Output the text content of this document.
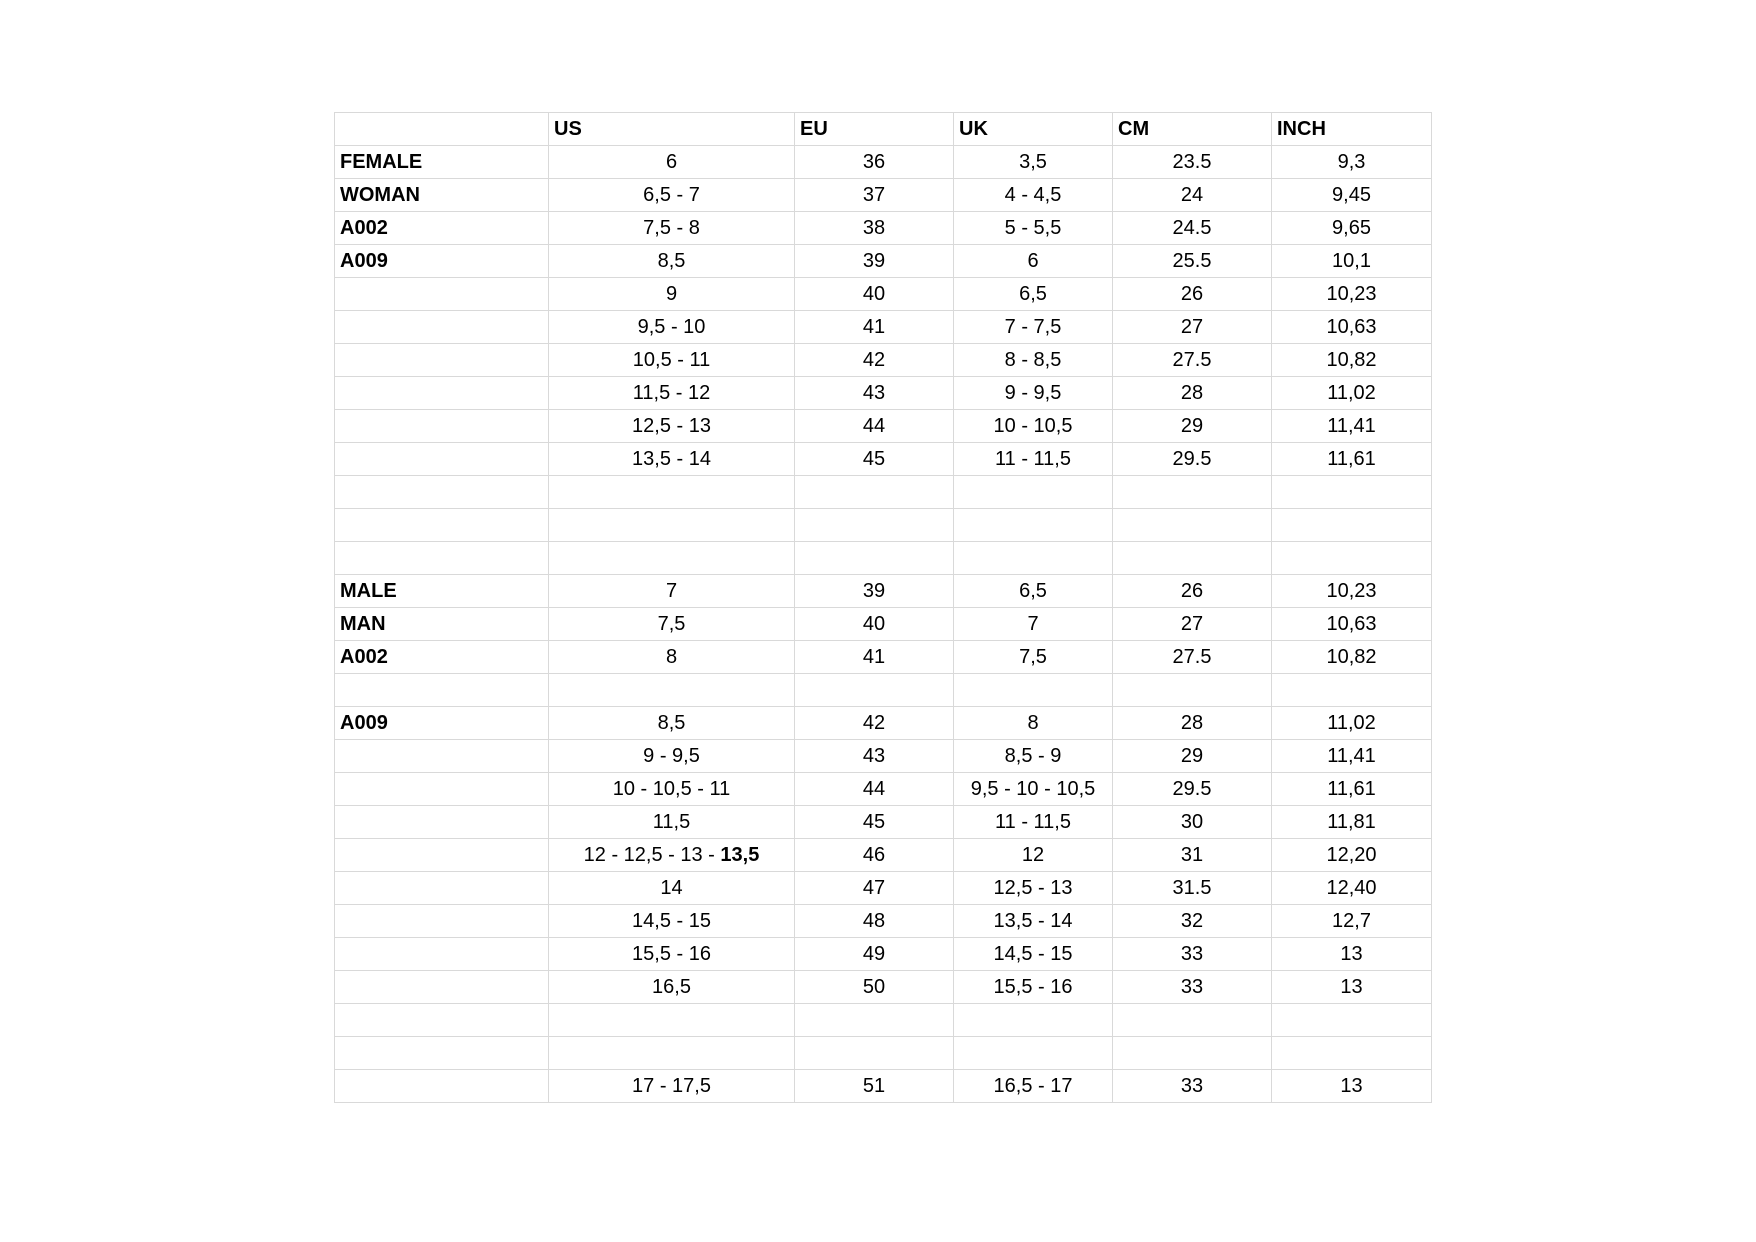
	US	EU	UK	CM	INCH
FEMALE	6	36	3,5	23.5	9,3
WOMAN	6,5 - 7	37	4 - 4,5	24	9,45
A002	7,5 - 8	38	5 - 5,5	24.5	9,65
A009	8,5	39	6	25.5	10,1
	9	40	6,5	26	10,23
	9,5 - 10	41	7 - 7,5	27	10,63
	10,5 - 11	42	8 - 8,5	27.5	10,82
	11,5 - 12	43	9 - 9,5	28	11,02
	12,5 - 13	44	10 - 10,5	29	11,41
	13,5 - 14	45	11 - 11,5	29.5	11,61

MALE	7	39	6,5	26	10,23
MAN	7,5	40	7	27	10,63
A002	8	41	7,5	27.5	10,82

A009	8,5	42	8	28	11,02
	9 - 9,5	43	8,5 - 9	29	11,41
	10 - 10,5 - 11	44	9,5 - 10 - 10,5	29.5	11,61
	11,5	45	11 - 11,5	30	11,81
	12 - 12,5 - 13 - 13,5	46	12	31	12,20
	14	47	12,5 - 13	31.5	12,40
	14,5 - 15	48	13,5 - 14	32	12,7
	15,5 - 16	49	14,5 - 15	33	13
	16,5	50	15,5 - 16	33	13

	17 - 17,5	51	16,5 - 17	33	13
